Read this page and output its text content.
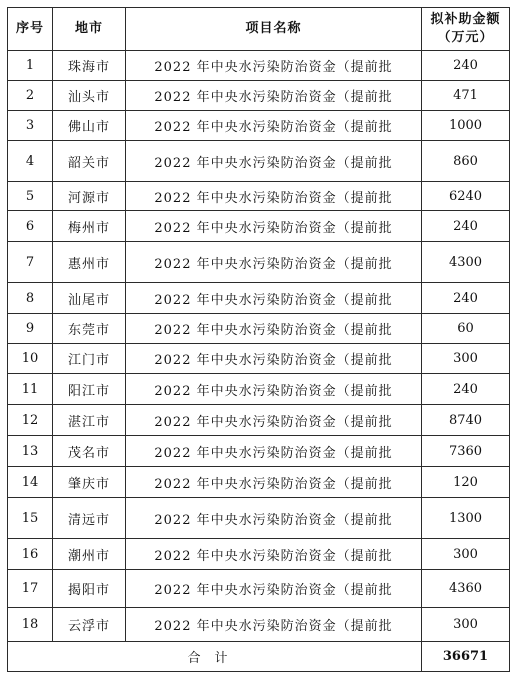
序号	地市	项目名称	拟补助金额
（万元）

1	珠海市	2022 年中央水污染防治资金（提前批	240
2	汕头市	2022 年中央水污染防治资金（提前批	471
3	佛山市	2022 年中央水污染防治资金（提前批	1000
4	韶关市	2022 年中央水污染防治资金（提前批	860
5	河源市	2022 年中央水污染防治资金（提前批	6240
6	梅州市	2022 年中央水污染防治资金（提前批	240
7	惠州市	2022 年中央水污染防治资金（提前批	4300
8	汕尾市	2022 年中央水污染防治资金（提前批	240
9	东莞市	2022 年中央水污染防治资金（提前批	60
10	江门市	2022 年中央水污染防治资金（提前批	300
11	阳江市	2022 年中央水污染防治资金（提前批	240
12	湛江市	2022 年中央水污染防治资金（提前批	8740
13	茂名市	2022 年中央水污染防治资金（提前批	7360
14	肇庆市	2022 年中央水污染防治资金（提前批	120
15	清远市	2022 年中央水污染防治资金（提前批	1300
16	潮州市	2022 年中央水污染防治资金（提前批	300
17	揭阳市	2022 年中央水污染防治资金（提前批	4360
18	云浮市	2022 年中央水污染防治资金（提前批	300
合计			36671
